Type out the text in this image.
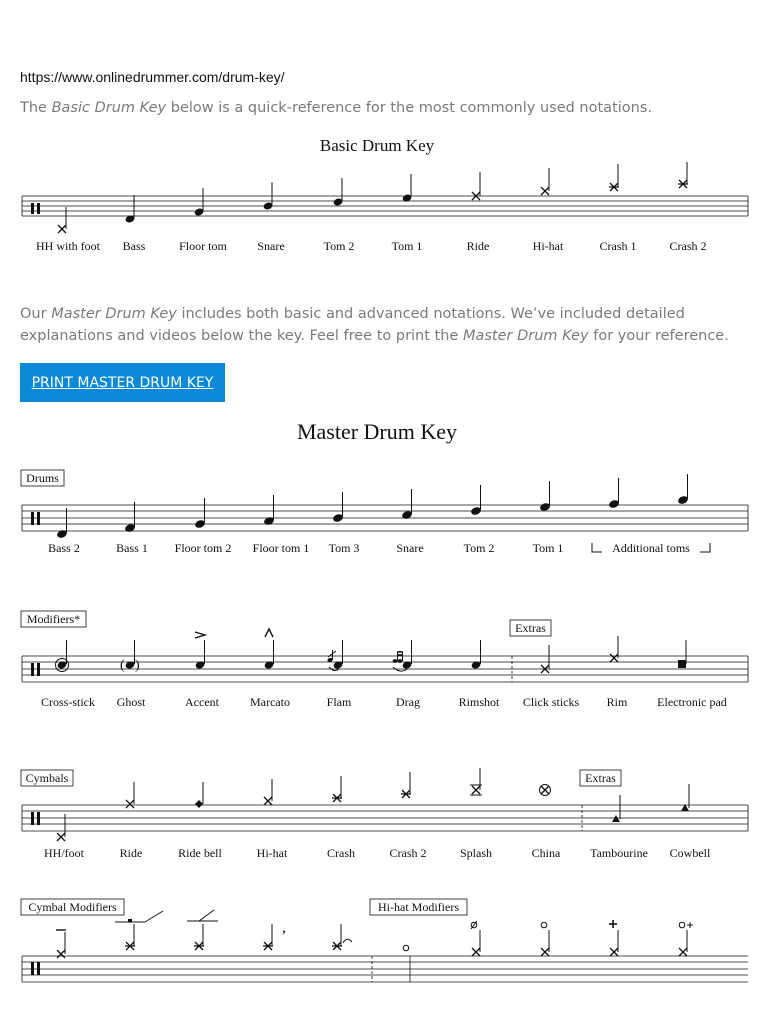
https://www.onlinedrummer.com/drum-key/

The Basic Drum Key below is a quick-reference for the most commonly used notations.

Our Master Drum Key includes both basic and advanced notations. We’ve included detailed
explanations and videos below the key. Feel free to print the Master Drum Key for your reference.

PRINT MASTER DRUM KEY
Basic Drum Key
HH with foot Bass	Floor tom	Snare	Tom 2	Tom 1	Ride	Hi-hat	Crash 1	Crash 2
Master Drum Key
Drums
Bass 2	Bass 1 Floor tom 2 Floor tom 1 Tom 3	Snare	Tom 2	Tom 1	Additional toms
Modifiers*
Extras
( )
Cross-stick Ghost	Accent	Marcato	Flam	Drag	Rimshot Click sticks Rim Electronic pad
Cymbals	Extras
HH/foot	Ride	Ride bell	Hi-hat	Crash	Crash 2	Splash	China Tambourine Cowbell
Cymbal Modifiers	Hi-hat Modifiers
,
